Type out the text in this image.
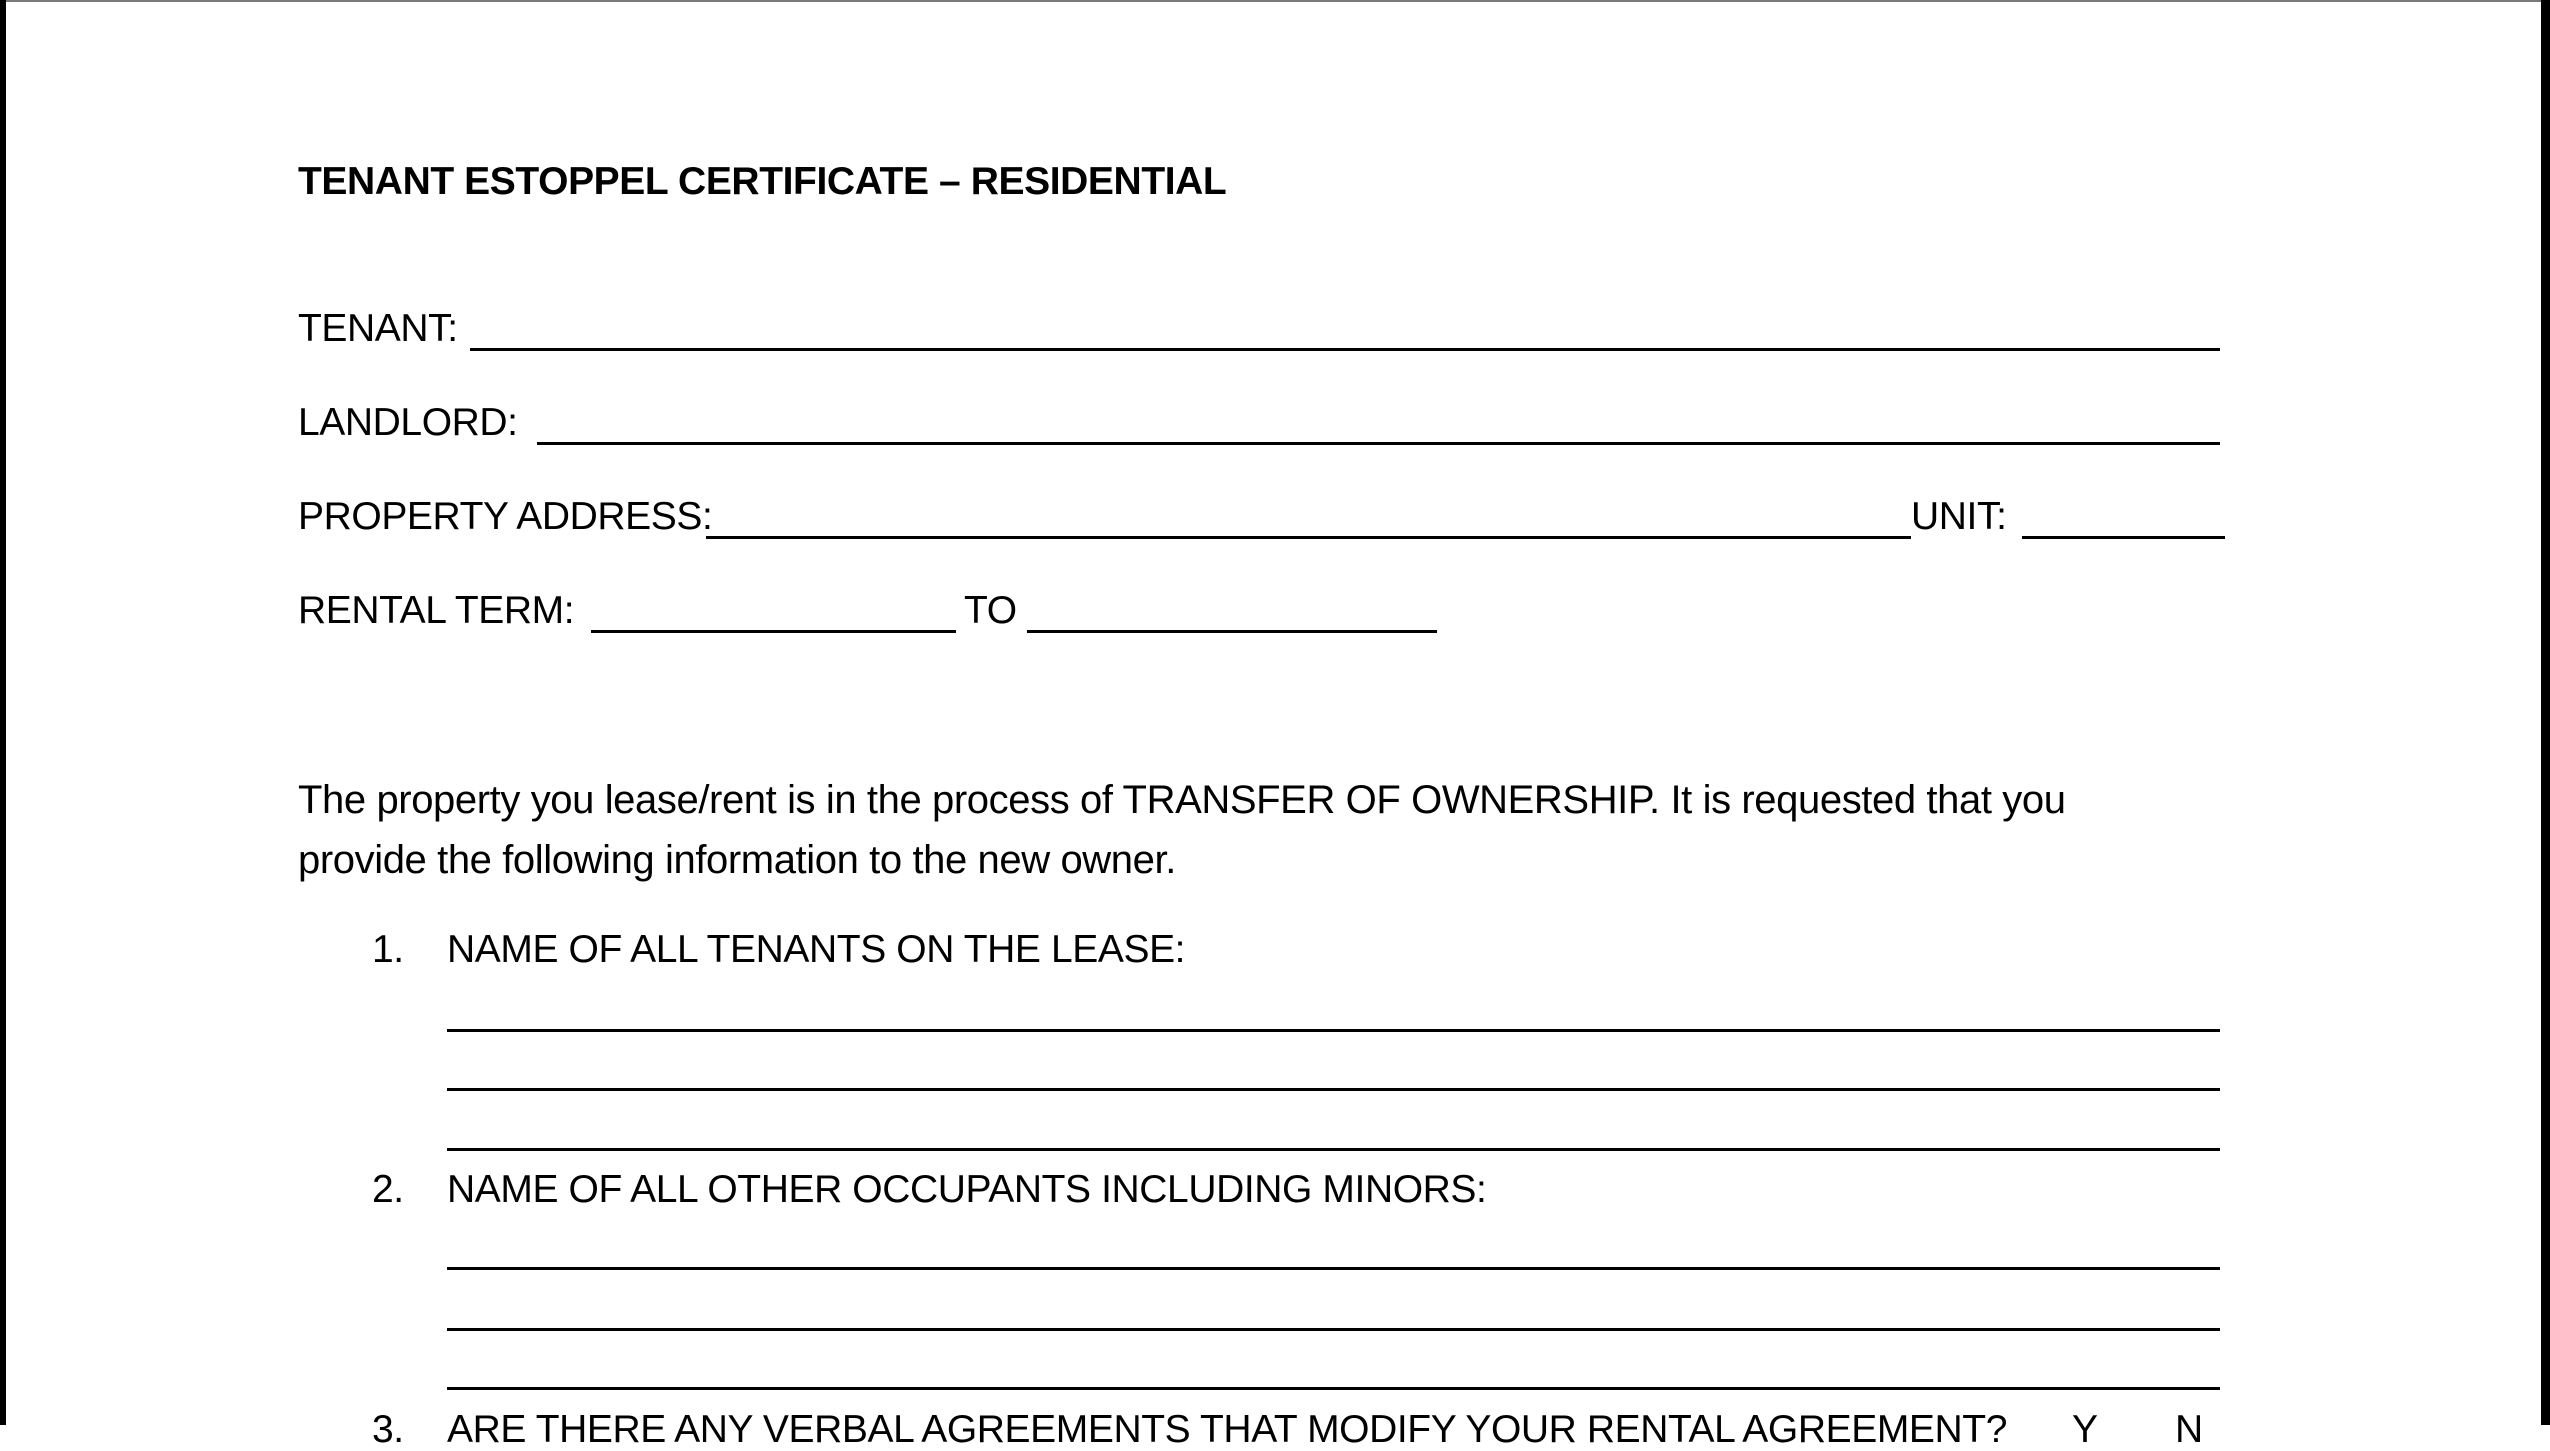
TENANT ESTOPPEL CERTIFICATE – RESIDENTIAL
TENANT:
LANDLORD:
PROPERTY ADDRESS:	UNIT:
RENTAL TERM:	TO
The property you lease/rent is in the process of TRANSFER OF OWNERSHIP. It is requested that you
provide the following information to the new owner.
1. NAME OF ALL TENANTS ON THE LEASE:
2. NAME OF ALL OTHER OCCUPANTS INCLUDING MINORS:
3. ARE THERE ANY VERBAL AGREEMENTS THAT MODIFY YOUR RENTAL AGREEMENT? Y N
